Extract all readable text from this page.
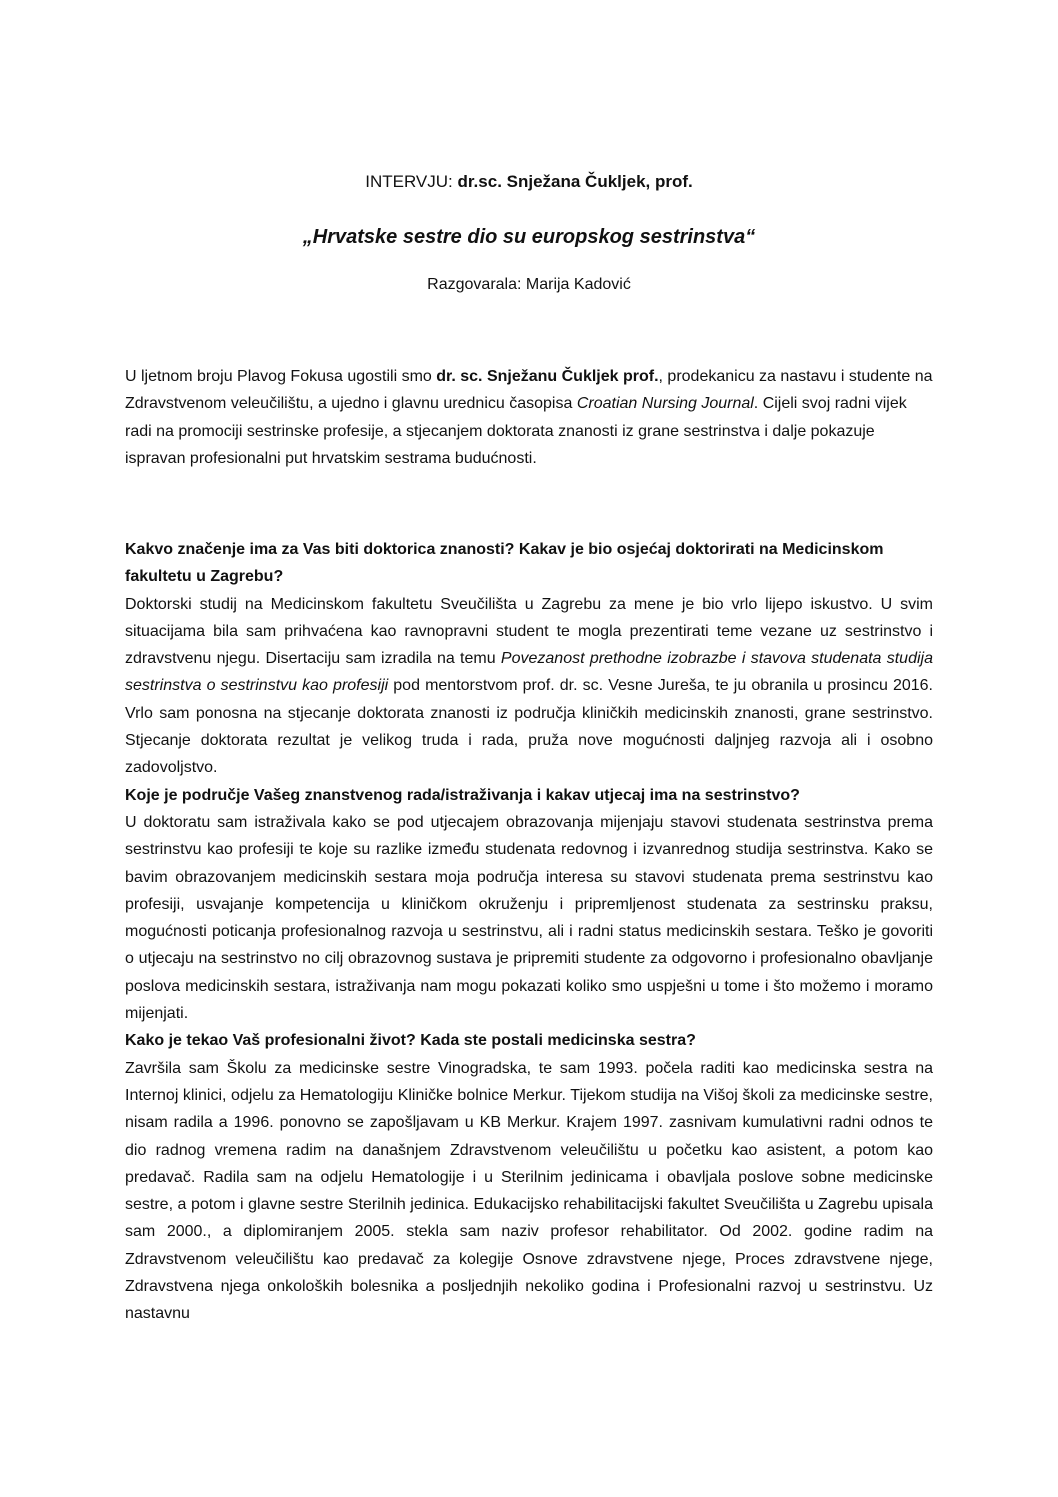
INTERVJU: dr.sc. Snježana Čukljek, prof.
„Hrvatske sestre dio su europskog sestrinstva“
Razgovarala: Marija Kadović
U ljetnom broju Plavog Fokusa ugostili smo dr. sc. Snježanu Čukljek prof., prodekanicu za nastavu i studente na Zdravstvenom veleučilištu, a ujedno i glavnu urednicu časopisa Croatian Nursing Journal. Cijeli svoj radni vijek radi na promociji sestrinske profesije, a stjecanjem doktorata znanosti iz grane sestrinstva i dalje pokazuje ispravan profesionalni put hrvatskim sestrama budućnosti.

Kakvo značenje ima za Vas biti doktorica znanosti? Kakav je bio osjećaj doktorirati na Medicinskom fakultetu u Zagrebu?

Doktorski studij na Medicinskom fakultetu Sveučilišta u Zagrebu za mene je bio vrlo lijepo iskustvo. U svim situacijama bila sam prihvaćena kao ravnopravni student te mogla prezentirati teme vezane uz sestrinstvo i zdravstvenu njegu. Disertaciju sam izradila na temu Povezanost prethodne izobrazbe i stavova studenata studija sestrinstva o sestrinstvu kao profesiji pod mentorstvom prof. dr. sc. Vesne Jureša, te ju obranila u prosincu 2016. Vrlo sam ponosna na stjecanje doktorata znanosti iz područja kliničkih medicinskih znanosti, grane sestrinstvo. Stjecanje doktorata rezultat je velikog truda i rada, pruža nove mogućnosti daljnjeg razvoja ali i osobno zadovoljstvo.

Koje je područje Vašeg znanstvenog rada/istraživanja i kakav utjecaj ima na sestrinstvo?

U doktoratu sam istraživala kako se pod utjecajem obrazovanja mijenjaju stavovi studenata sestrinstva prema sestrinstvu kao profesiji te koje su razlike između studenata redovnog i izvanrednog studija sestrinstva. Kako se bavim obrazovanjem medicinskih sestara moja područja interesa su stavovi studenata prema sestrinstvu kao profesiji, usvajanje kompetencija u kliničkom okruženju i pripremljenost studenata za sestrinsku praksu, mogućnosti poticanja profesionalnog razvoja u sestrinstvu, ali i radni status medicinskih sestara. Teško je govoriti o utjecaju na sestrinstvo no cilj obrazovnog sustava je pripremiti studente za odgovorno i profesionalno obavljanje poslova medicinskih sestara, istraživanja nam mogu pokazati koliko smo uspješni u tome i što možemo i moramo mijenjati.

Kako je tekao Vaš profesionalni život? Kada ste postali medicinska sestra?

Završila sam Školu za medicinske sestre Vinogradska, te sam 1993. počela raditi kao medicinska sestra na Internoj klinici, odjelu za Hematologiju Kliničke bolnice Merkur. Tijekom studija na Višoj školi za medicinske sestre, nisam radila a 1996. ponovno se zapošljavam u KB Merkur. Krajem 1997. zasnivam kumulativni radni odnos te dio radnog vremena radim na današnjem Zdravstvenom veleučilištu u početku kao asistent, a potom kao predavač. Radila sam na odjelu Hematologije i u Sterilnim jedinicama i obavljala poslove sobne medicinske sestre, a potom i glavne sestre Sterilnih jedinica. Edukacijsko rehabilitacijski fakultet Sveučilišta u Zagrebu upisala sam 2000., a diplomiranjem 2005. stekla sam naziv profesor rehabilitator. Od 2002. godine radim na Zdravstvenom veleučilištu kao predavač za kolegije Osnove zdravstvene njege, Proces zdravstvene njege, Zdravstvena njega onkoloških bolesnika a posljednjih nekoliko godina i Profesionalni razvoj u sestrinstvu. Uz nastavnu
